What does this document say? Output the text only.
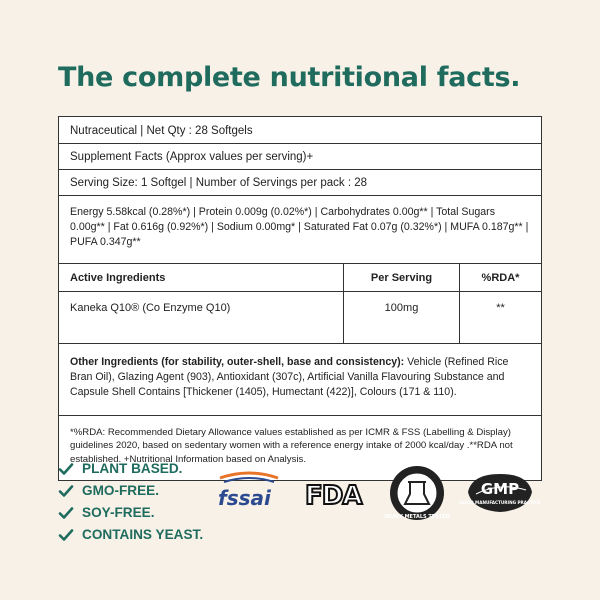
The complete nutritional facts.
Nutraceutical | Net Qty : 28 Softgels
Supplement Facts (Approx values per serving)+
Serving Size: 1 Softgel | Number of Servings per pack : 28
Energy 5.58kcal (0.28%*) | Protein 0.009g (0.02%*) | Carbohydrates 0.00g** | Total Sugars 0.00g** | Fat 0.616g (0.92%*) | Sodium 0.00mg* | Saturated Fat 0.07g (0.32%*) | MUFA 0.187g** | PUFA 0.347g**
Active Ingredients	Per Serving	%RDA*
Kaneka Q10® (Co Enzyme Q10)	100mg	**
Other Ingredients (for stability, outer-shell, base and consistency): Vehicle (Refined Rice Bran Oil), Glazing Agent (903), Antioxidant (307c), Artificial Vanilla Flavouring Substance and Capsule Shell Contains [Thickener (1405), Humectant (422)], Colours (171 & 110).
*%RDA: Recommended Dietary Allowance values established as per ICMR & FSS (Labelling & Display) guidelines 2020, based on sedentary women with a reference energy intake of 2000 kcal/day .**RDA not established. +Nutritional Information based on Analysis.
PLANT BASED.
GMO-FREE.
SOY-FREE.
CONTAINS YEAST.
fssai FDA
HEAVY METALS TESTED
GMP
GOOD MANUFACTURING PRACTICE
